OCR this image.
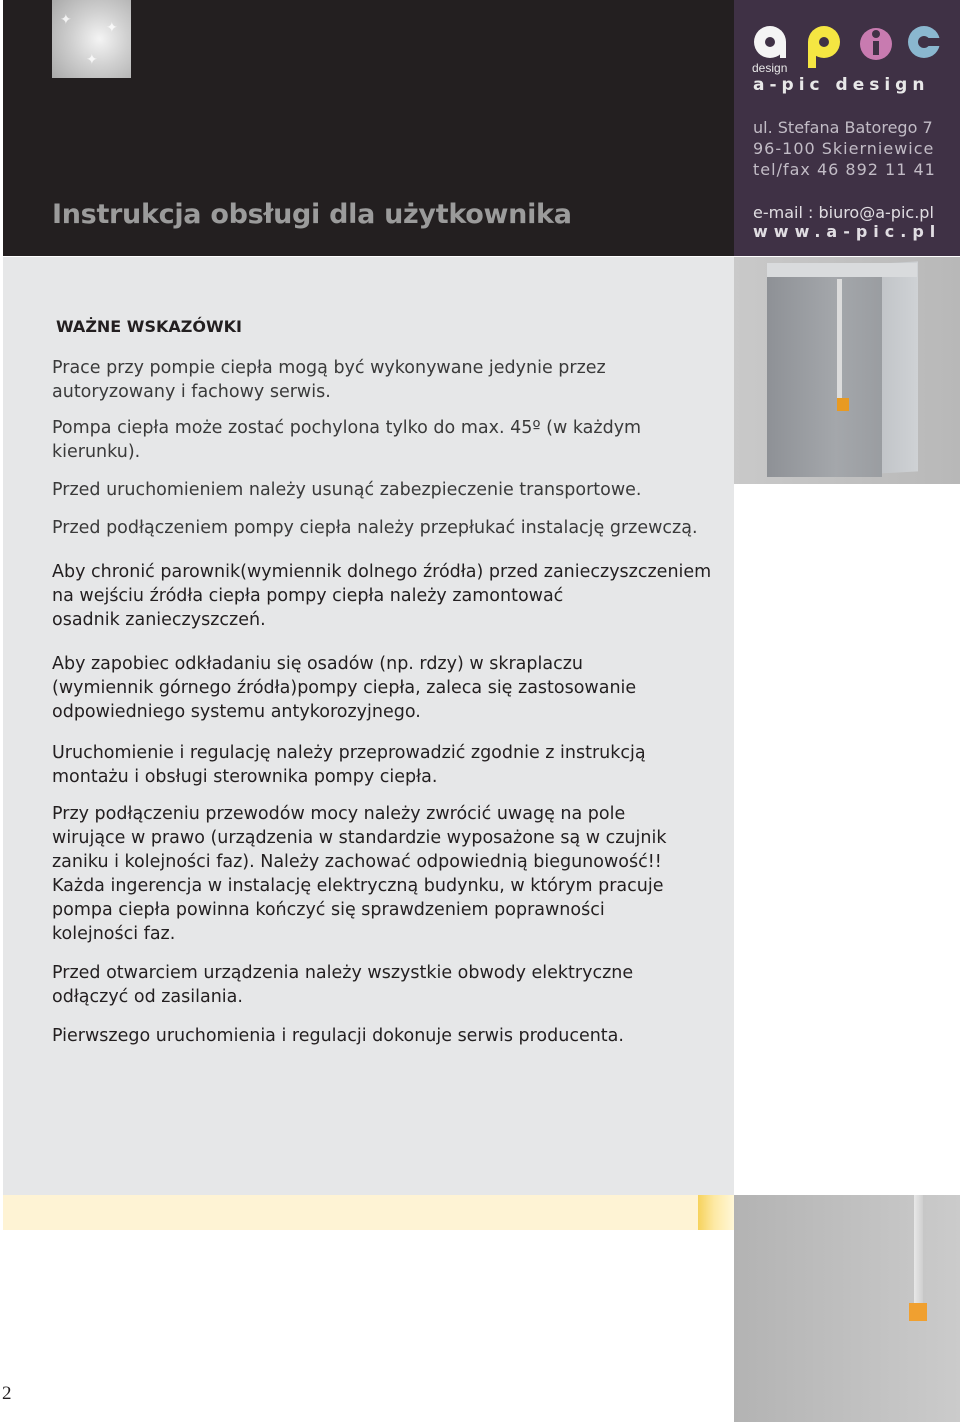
✦ ✦
✦
Instrukcja obsługi dla użytkownika
design
a-pic design
ul. Stefana Batorego 7
96-100 Skierniewice
tel/fax 46 892 11 41
e-mail : biuro@a-pic.pl
www.a-pic.pl
WAŻNE WSKAZÓWKI

Prace przy pompie ciepła mogą być wykonywane jedynie przez
autoryzowany i fachowy serwis.

Pompa ciepła może zostać pochylona tylko do max. 45º (w każdym
kierunku).

Przed uruchomieniem należy usunąć zabezpieczenie transportowe.

Przed podłączeniem pompy ciepła należy przepłukać instalację grzewczą.

Aby chronić parownik(wymiennik dolnego źródła) przed zanieczyszczeniem
na wejściu źródła ciepła pompy ciepła należy zamontować
osadnik zanieczyszczeń.

Aby zapobiec odkładaniu się osadów (np. rdzy) w skraplaczu
(wymiennik górnego źródła)pompy ciepła, zaleca się zastosowanie
odpowiedniego systemu antykorozyjnego.

Uruchomienie i regulację należy przeprowadzić zgodnie z instrukcją
montażu i obsługi sterownika pompy ciepła.

Przy podłączeniu przewodów mocy należy zwrócić uwagę na pole
wirujące w prawo (urządzenia w standardzie wyposażone są w czujnik
zaniku i kolejności faz). Należy zachować odpowiednią biegunowość!!
Każda ingerencja w instalację elektryczną budynku, w którym pracuje
pompa ciepła powinna kończyć się sprawdzeniem poprawności
kolejności faz.

Przed otwarciem urządzenia należy wszystkie obwody elektryczne
odłączyć od zasilania.

Pierwszego uruchomienia i regulacji dokonuje serwis producenta.

2
